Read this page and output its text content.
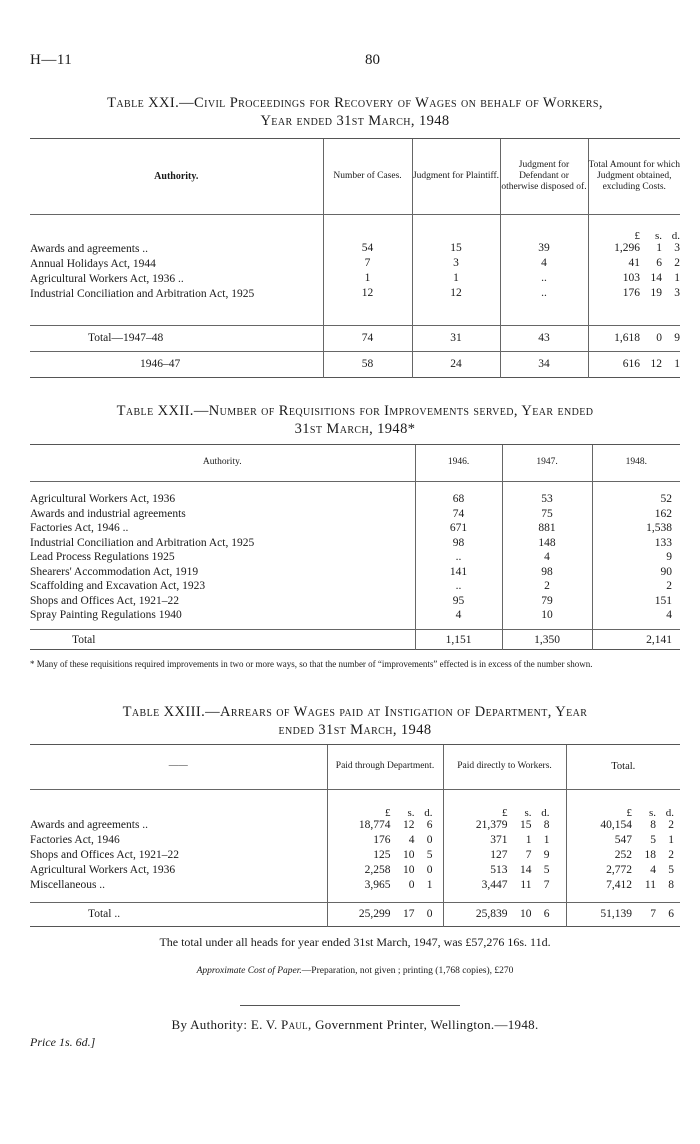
H—11	80
Table XXI.—Civil Proceedings for Recovery of Wages on behalf of Workers,
Year ended 31st March, 1948
Authority.	Number of Cases.	Judgment for Plaintiff.	Judgment for Defendant or otherwise disposed of.	Total Amount for which Judgment obtained, excluding Costs.
				£ s. d.
Awards and agreements ..	54	15	39	1,296 1 3
Annual Holidays Act, 1944	7	3	4	41 6 2
Agricultural Workers Act, 1936 ..	1	1	..	103 14 1
Industrial Conciliation and Arbitration Act, 1925	12	12	..	176 19 3

Total—1947–48	74	31	43	1,618 0 9
1946–47	58	24	34	616 12 1
Table XXII.—Number of Requisitions for Improvements served, Year ended
31st March, 1948*
Authority.	1946.	1947.	1948.

Agricultural Workers Act, 1936	68	53	52
Awards and industrial agreements	74	75	162
Factories Act, 1946 ..	671	881	1,538
Industrial Conciliation and Arbitration Act, 1925	98	148	133
Lead Process Regulations 1925	..	4	9
Shearers' Accommodation Act, 1919	141	98	90
Scaffolding and Excavation Act, 1923	..	2	2
Shops and Offices Act, 1921–22	95	79	151
Spray Painting Regulations 1940	4	10	4

Total	1,151	1,350	2,141
* Many of these requisitions required improvements in two or more ways, so that the number of “improvements” effected is in excess of the number shown.
Table XXIII.—Arrears of Wages paid at Instigation of Department, Year
ended 31st March, 1948
——	Paid through Department.	Paid directly to Workers.	Total.
	£ s. d.	£ s. d.	£ s. d.
Awards and agreements ..	18,774 12 6	21,379 15 8	40,154 8 2
Factories Act, 1946	176 4 0	371 1 1	547 5 1
Shops and Offices Act, 1921–22	125 10 5	127 7 9	252 18 2
Agricultural Workers Act, 1936	2,258 10 0	513 14 5	2,772 4 5
Miscellaneous ..	3,965 0 1	3,447 11 7	7,412 11 8

Total ..	25,299 17 0	25,839 10 6	51,139 7 6
The total under all heads for year ended 31st March, 1947, was £57,276 16s. 11d.
Approximate Cost of Paper.—Preparation, not given ; printing (1,768 copies), £270
By Authority: E. V. Paul, Government Printer, Wellington.—1948.
Price 1s. 6d.]
